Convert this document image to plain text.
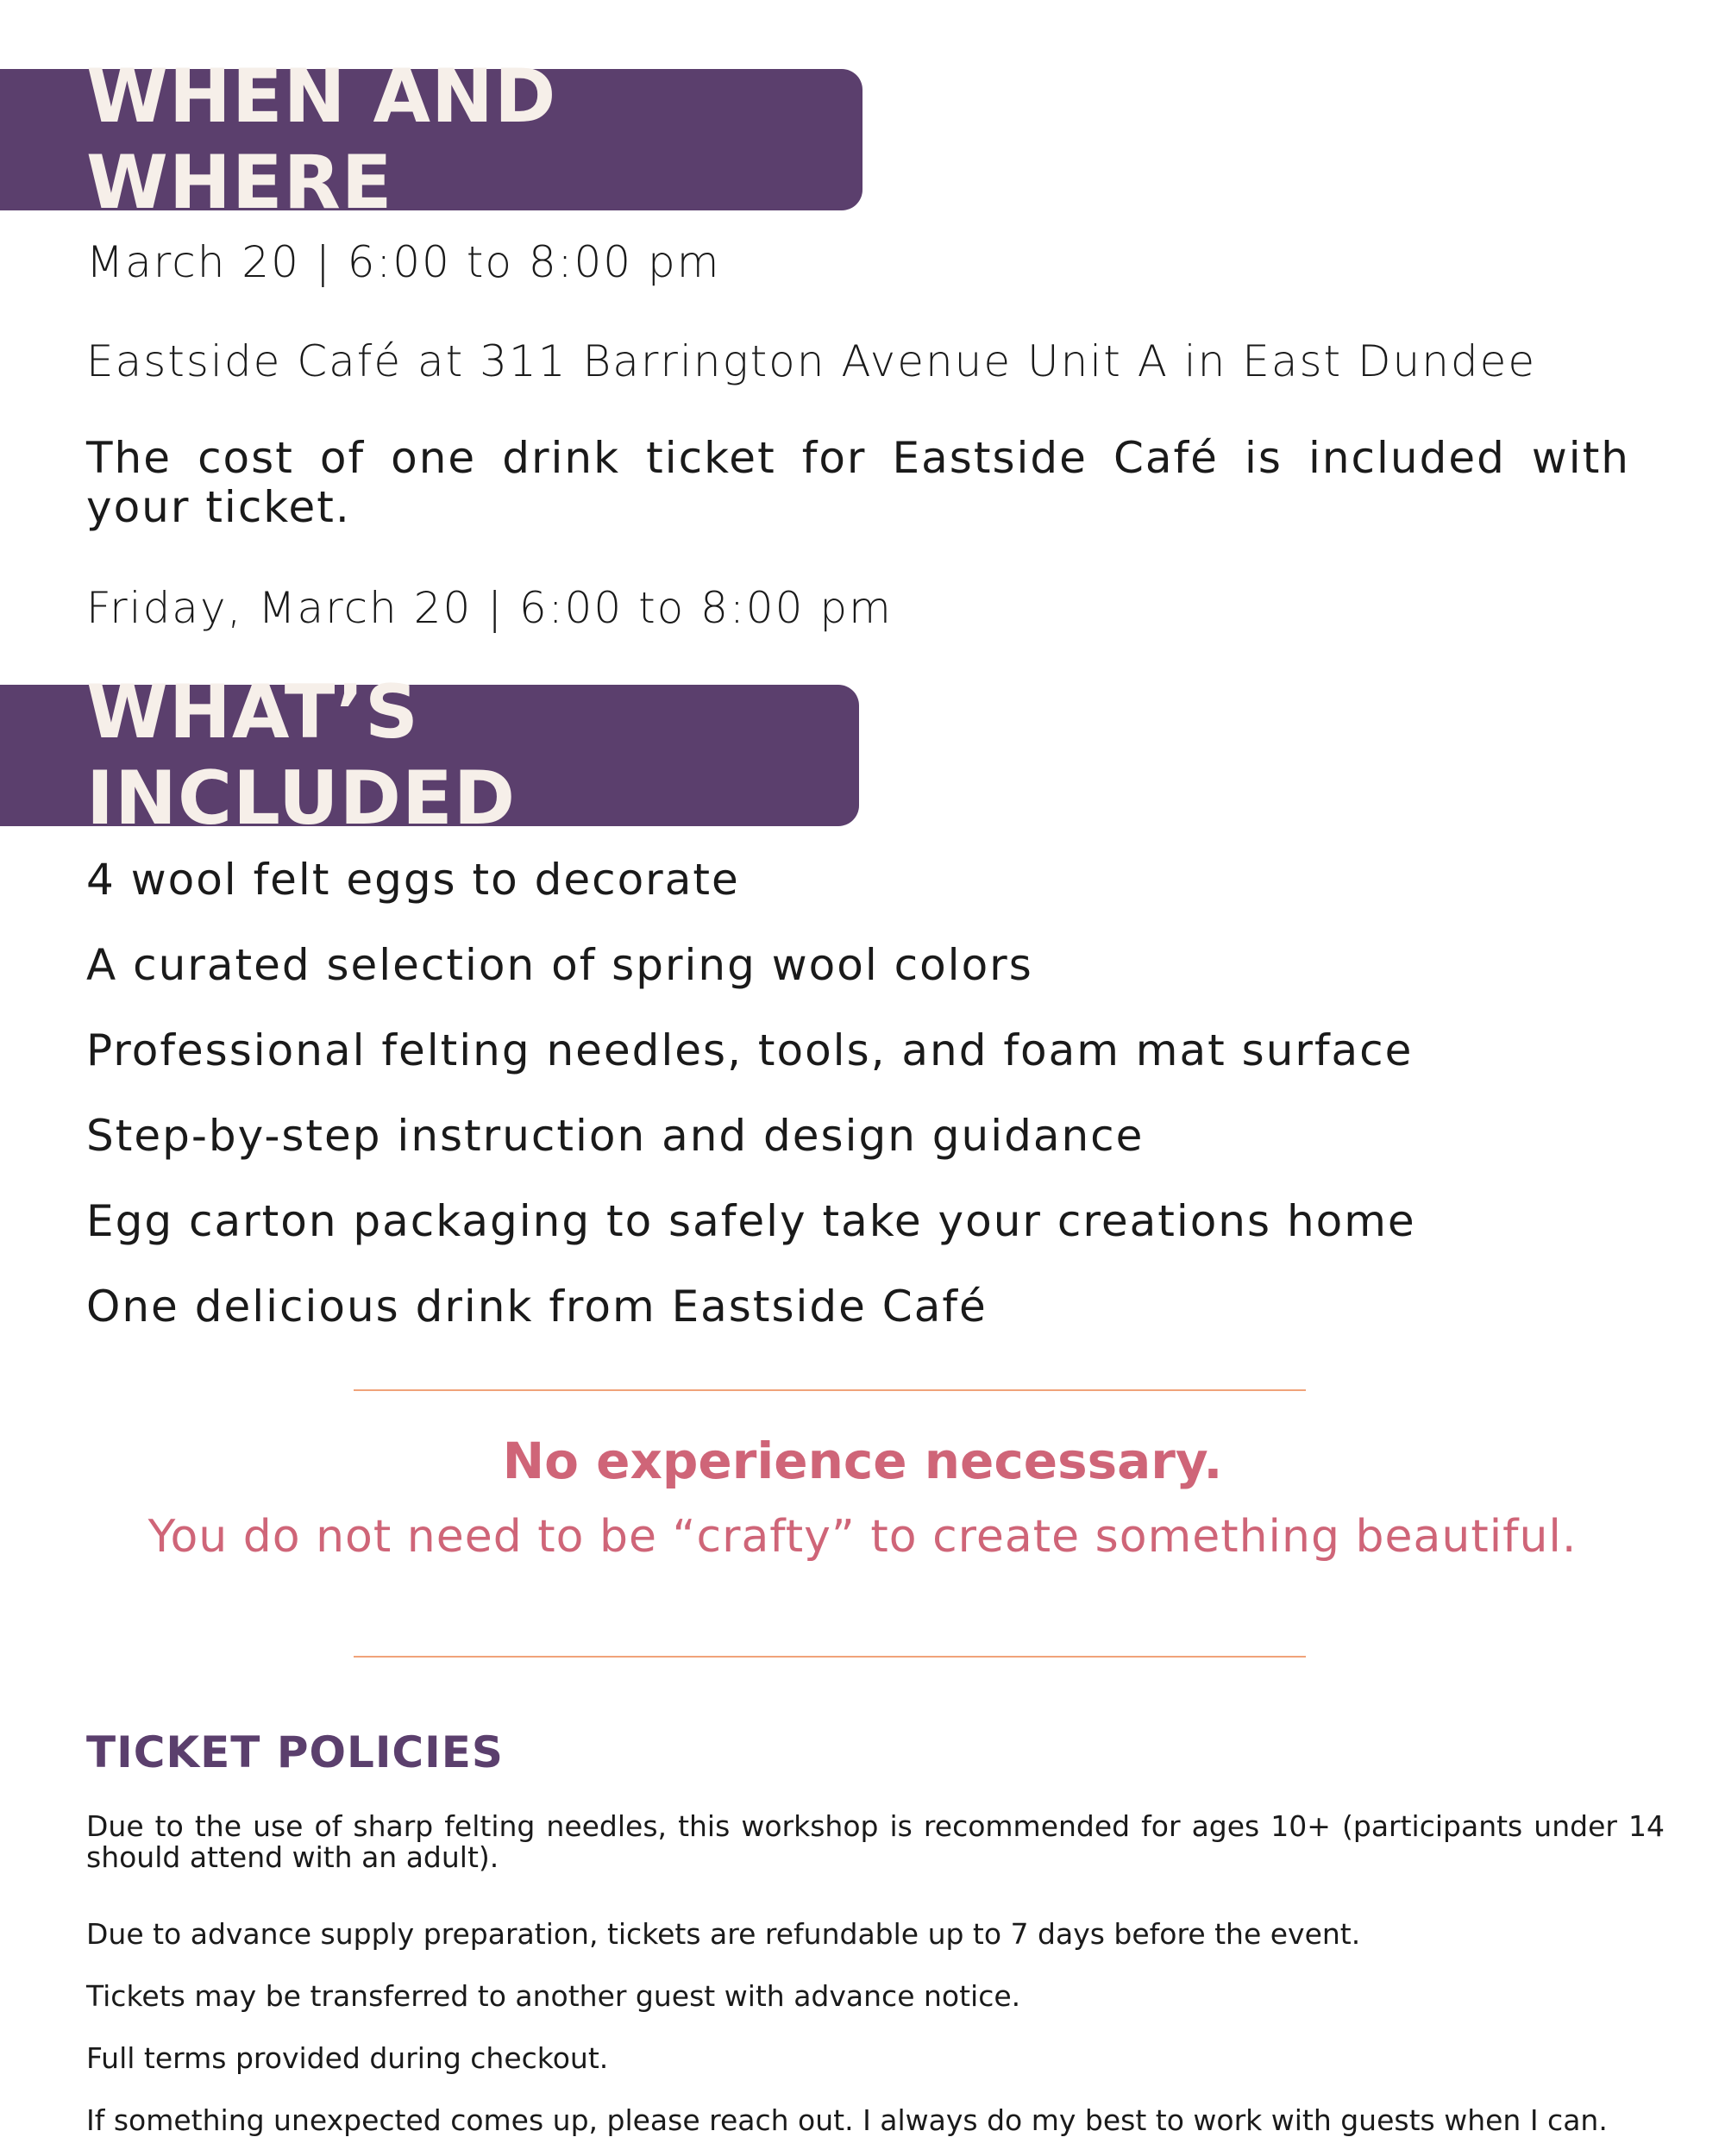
WHEN AND WHERE
March 20 | 6:00 to 8:00 pm
Eastside Café at 311 Barrington Avenue Unit A in East Dundee
The cost of one drink ticket for Eastside Café is included with your ticket.
Friday, March 20 | 6:00 to 8:00 pm
WHAT’S INCLUDED
4 wool felt eggs to decorate
A curated selection of spring wool colors
Professional felting needles, tools, and foam mat surface
Step-by-step instruction and design guidance
Egg carton packaging to safely take your creations home
One delicious drink from Eastside Café
No experience necessary.
You do not need to be “crafty” to create something beautiful.
TICKET POLICIES
Due to the use of sharp felting needles, this workshop is recommended for ages 10+ (participants under 14 should attend with an adult).
Due to advance supply preparation, tickets are refundable up to 7 days before the event.
Tickets may be transferred to another guest with advance notice.
Full terms provided during checkout.
If something unexpected comes up, please reach out. I always do my best to work with guests when I can.
